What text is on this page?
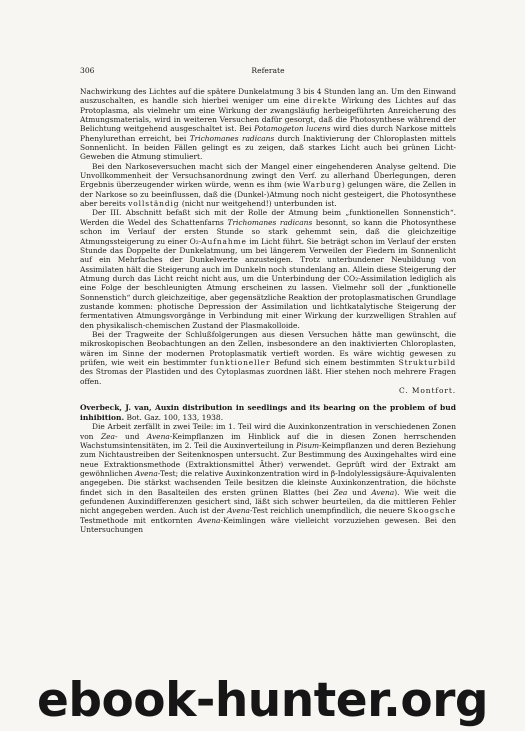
306	Referate

Nachwirkung des Lichtes auf die spätere Dunkelatmung 3 bis 4 Stunden lang an. Um den Einwand auszuschalten, es handle sich hierbei weniger um eine direkte Wirkung des Lichtes auf das Protoplasma, als vielmehr um eine Wirkung der zwangsläufig herbeigeführten Anreicherung des Atmungsmaterials, wird in weiteren Versuchen dafür gesorgt, daß die Photosynthese während der Belichtung weitgehend ausgeschaltet ist. Bei Potamogeton lucens wird dies durch Narkose mittels Phenylurethan erreicht, bei Trichomanes radicans durch Inaktivierung der Chloroplasten mittels Sonnenlicht. In beiden Fällen gelingt es zu zeigen, daß starkes Licht auch bei grünen Licht-Geweben die Atmung stimuliert.

Bei den Narkoseversuchen macht sich der Mangel einer eingehenderen Analyse geltend. Die Unvollkommenheit der Versuchsanordnung zwingt den Verf. zu allerhand Überlegungen, deren Ergebnis überzeugender wirken würde, wenn es ihm (wie Warburg) gelungen wäre, die Zellen in der Narkose so zu beeinflussen, daß die (Dunkel-)Atmung noch nicht gesteigert, die Photosynthese aber bereits vollständig (nicht nur weitgehend!) unterbunden ist.

Der III. Abschnitt befaßt sich mit der Rolle der Atmung beim „funktionellen Sonnenstich“. Werden die Wedel des Schattenfarns Trichomanes radicans besonnt, so kann die Photosynthese schon im Verlauf der ersten Stunde so stark gehemmt sein, daß die gleichzeitige Atmungssteigerung zu einer O₂-Aufnahme im Licht führt. Sie beträgt schon im Verlauf der ersten Stunde das Doppelte der Dunkelatmung, um bei längerem Verweilen der Fiedern im Sonnenlicht auf ein Mehrfaches der Dunkelwerte anzusteigen. Trotz unterbundener Neubildung von Assimilaten hält die Steigerung auch im Dunkeln noch stundenlang an. Allein diese Steigerung der Atmung durch das Licht reicht nicht aus, um die Unterbindung der CO₂-Assimilation lediglich als eine Folge der beschleunigten Atmung erscheinen zu lassen. Vielmehr soll der „funktionelle Sonnenstich“ durch gleichzeitige, aber gegensätzliche Reaktion der protoplasmatischen Grundlage zustande kommen: photische Depression der Assimilation und lichtkatalytische Steigerung der fermentativen Atmungsvorgänge in Verbindung mit einer Wirkung der kurzwelligen Strahlen auf den physikalisch-chemischen Zustand der Plasmakolloide.

Bei der Tragweite der Schlußfolgerungen aus diesen Versuchen hätte man gewünscht, die mikroskopischen Beobachtungen an den Zellen, insbesondere an den inaktivierten Chloroplasten, wären im Sinne der modernen Protoplasmatik vertieft worden. Es wäre wichtig gewesen zu prüfen, wie weit ein bestimmter funktioneller Befund sich einem bestimmten Strukturbild des Stromas der Plastiden und des Cytoplasmas zuordnen läßt. Hier stehen noch mehrere Fragen offen.
C. Montfort.

Overbeck, J. van, Auxin distribution in seedlings and its bearing on the problem of bud inhibition. Bot. Gaz. 100, 133, 1938.

Die Arbeit zerfällt in zwei Teile: im 1. Teil wird die Auxinkonzentration in verschiedenen Zonen von Zea- und Avena-Keimpflanzen im Hinblick auf die in diesen Zonen herrschenden Wachstumsintensitäten, im 2. Teil die Auxinverteilung in Pisum-Keimpflanzen und deren Beziehung zum Nichtaustreiben der Seitenknospen untersucht. Zur Bestimmung des Auxingehaltes wird eine neue Extraktionsmethode (Extraktionsmittel Äther) verwendet. Geprüft wird der Extrakt am gewöhnlichen Avena-Test; die relative Auxinkonzentration wird in β-Indolylessigsäure-Äquivalenten angegeben. Die stärkst wachsenden Teile besitzen die kleinste Auxinkonzentration, die höchste findet sich in den Basalteilen des ersten grünen Blattes (bei Zea und Avena). Wie weit die gefundenen Auxindifferenzen gesichert sind, läßt sich schwer beurteilen, da die mittleren Fehler nicht angegeben werden. Auch ist der Avena-Test reichlich unempfindlich, die neuere Skoogsche Testmethode mit entkornten Avena-Keimlingen wäre vielleicht vorzuziehen gewesen. Bei den Untersuchungen

ebook-hunter.org
